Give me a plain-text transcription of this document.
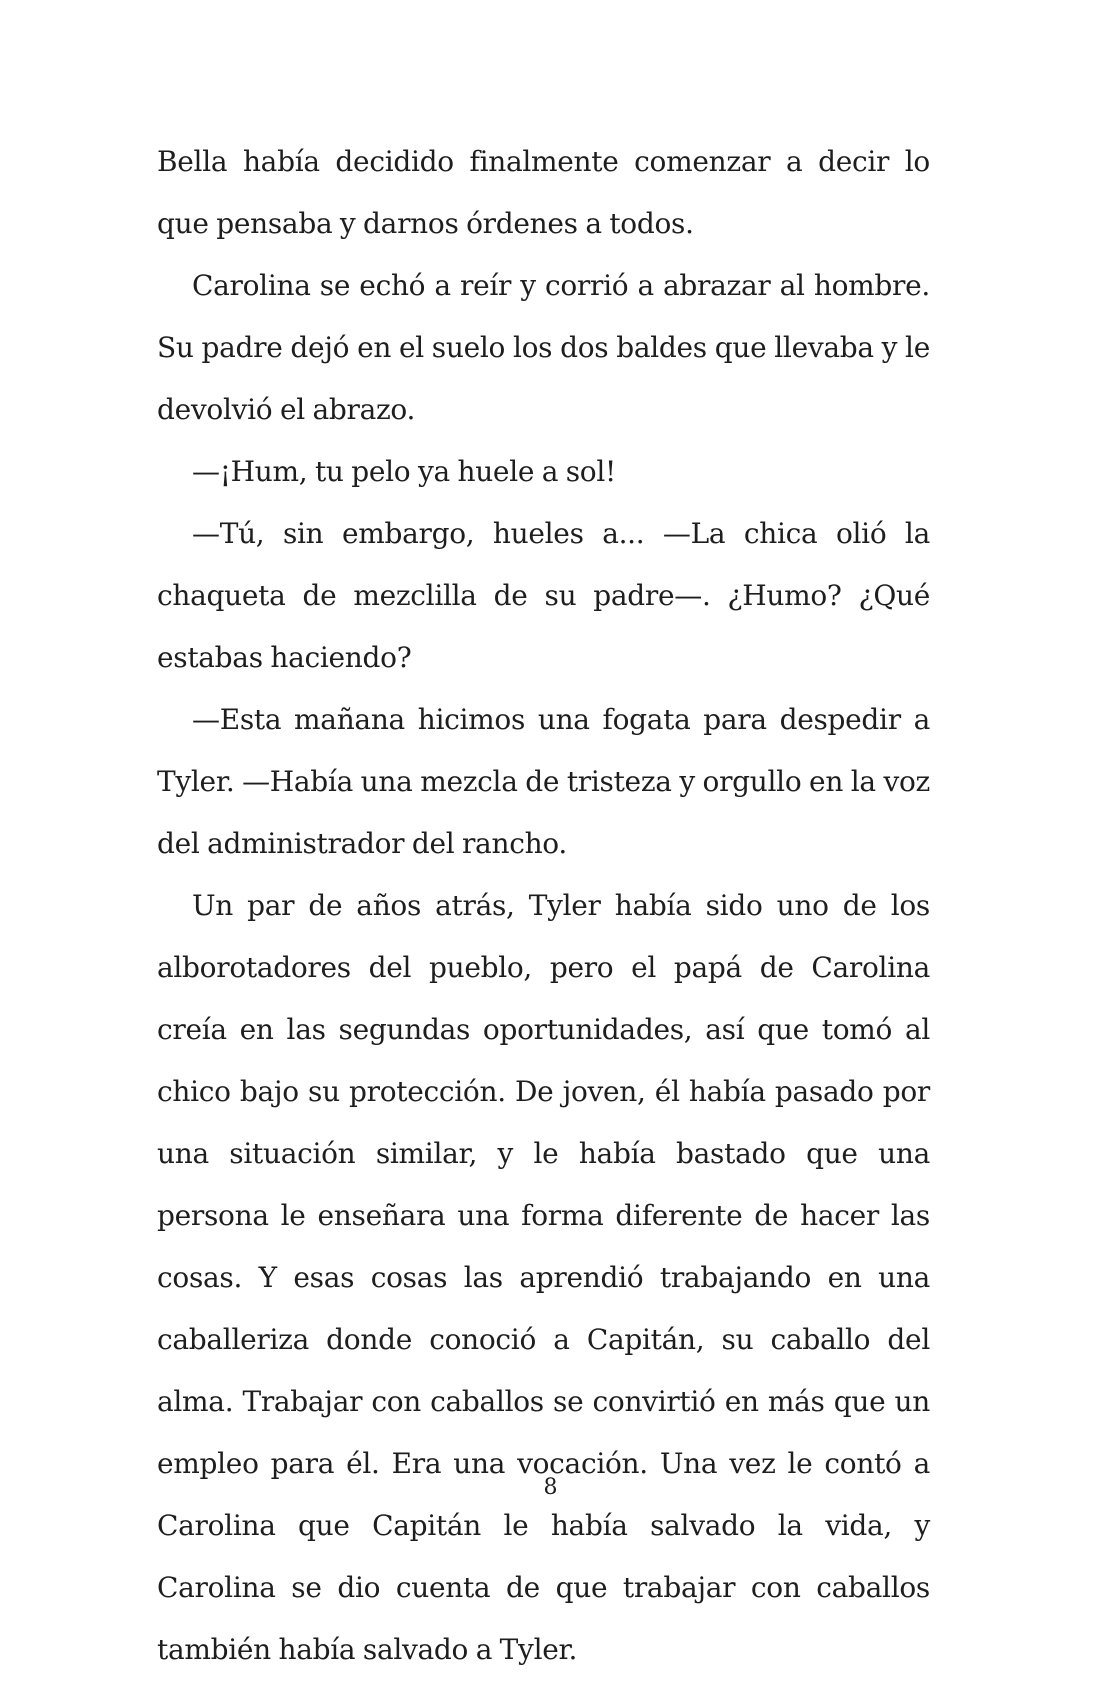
Bella había decidido finalmente comenzar a decir lo que pensaba y darnos órdenes a todos.

Carolina se echó a reír y corrió a abrazar al hombre. Su padre dejó en el suelo los dos baldes que llevaba y le devolvió el abrazo.

—¡Hum, tu pelo ya huele a sol!

—Tú, sin embargo, hueles a... —La chica olió la chaqueta de mezclilla de su padre—. ¿Humo? ¿Qué estabas haciendo?

—Esta mañana hicimos una fogata para despedir a Tyler. —Había una mezcla de tristeza y orgullo en la voz del administrador del rancho.

Un par de años atrás, Tyler había sido uno de los alborotadores del pueblo, pero el papá de Carolina creía en las segundas oportunidades, así que tomó al chico bajo su protección. De joven, él había pasado por una situación similar, y le había bastado que una persona le enseñara una forma diferente de hacer las cosas. Y esas cosas las aprendió trabajando en una caballeriza donde conoció a Capitán, su caballo del alma. Trabajar con caballos se convirtió en más que un empleo para él. Era una vocación. Una vez le contó a Carolina que Capitán le había salvado la vida, y Carolina se dio cuenta de que trabajar con caballos también había salvado a Tyler.

8
